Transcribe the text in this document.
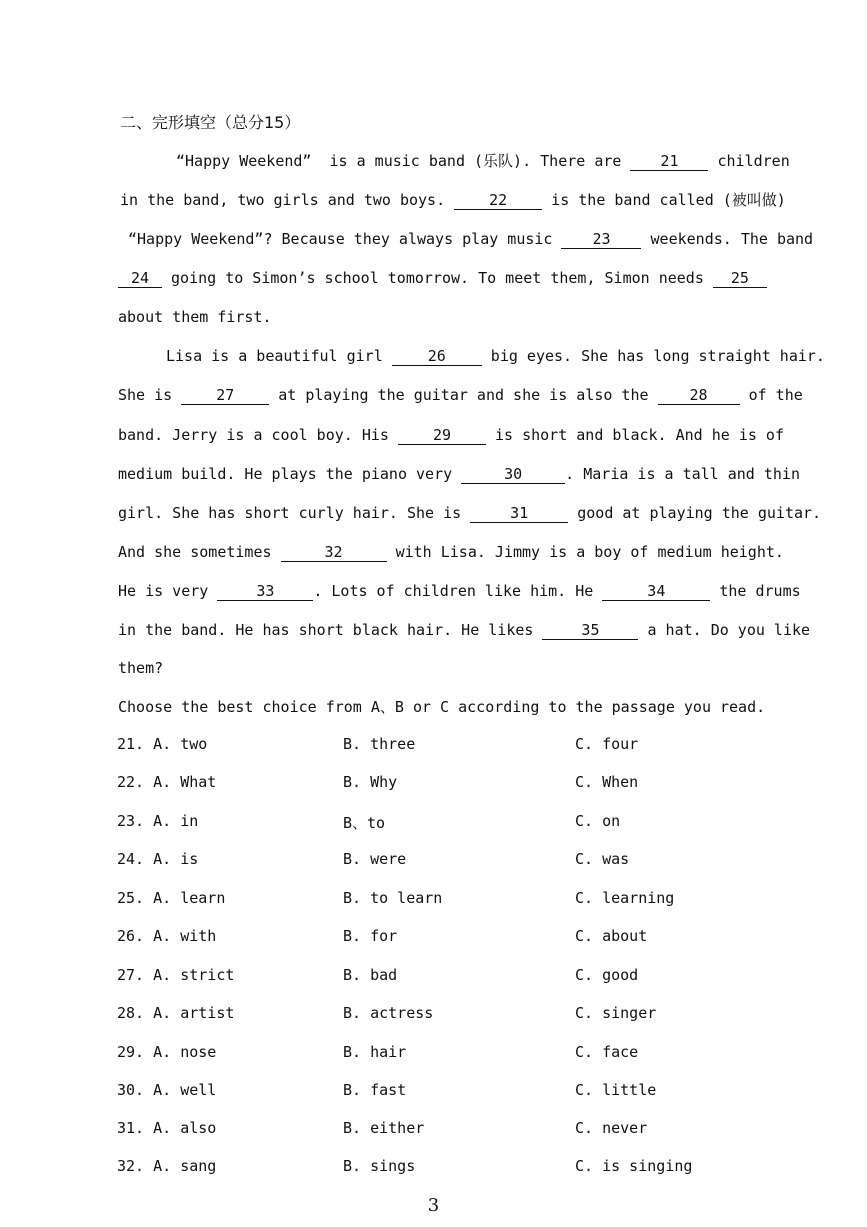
二、完形填空（总分15）
“Happy Weekend”  is a music band (乐队). There are 21 children
in the band, two girls and two boys. 22 is the band called (被叫做)
“Happy Weekend”? Because they always play music 23 weekends. The band
24 going to Simon’s school tomorrow. To meet them, Simon needs 25
about them first.
Lisa is a beautiful girl 26 big eyes. She has long straight hair.
She is 27 at playing the guitar and she is also the 28 of the
band. Jerry is a cool boy. His 29 is short and black. And he is of
medium build. He plays the piano very	30	. Maria is a tall and thin
girl. She has short curly hair. She is	31	good at playing the guitar.
And she sometimes	32	with Lisa. Jimmy is a boy of medium height.
He is very	33	. Lots of children like him. He	34	the drums
in the band. He has short black hair. He likes	35	a hat. Do you like
them?
Choose the best choice from A、B or C according to the passage you read.
21. A. two	B. three	C. four
22. A. What	B. Why	C. When
23. A. in	B、to	C. on
24. A. is	B. were	C. was
25. A. learn	B. to learn	C. learning
26. A. with	B. for	C. about
27. A. strict	B. bad	C. good
28. A. artist	B. actress	C. singer
29. A. nose	B. hair	C. face
30. A. well	B. fast	C. little
31. A. also	B. either	C. never
32. A. sang	B. sings	C. is singing
3
